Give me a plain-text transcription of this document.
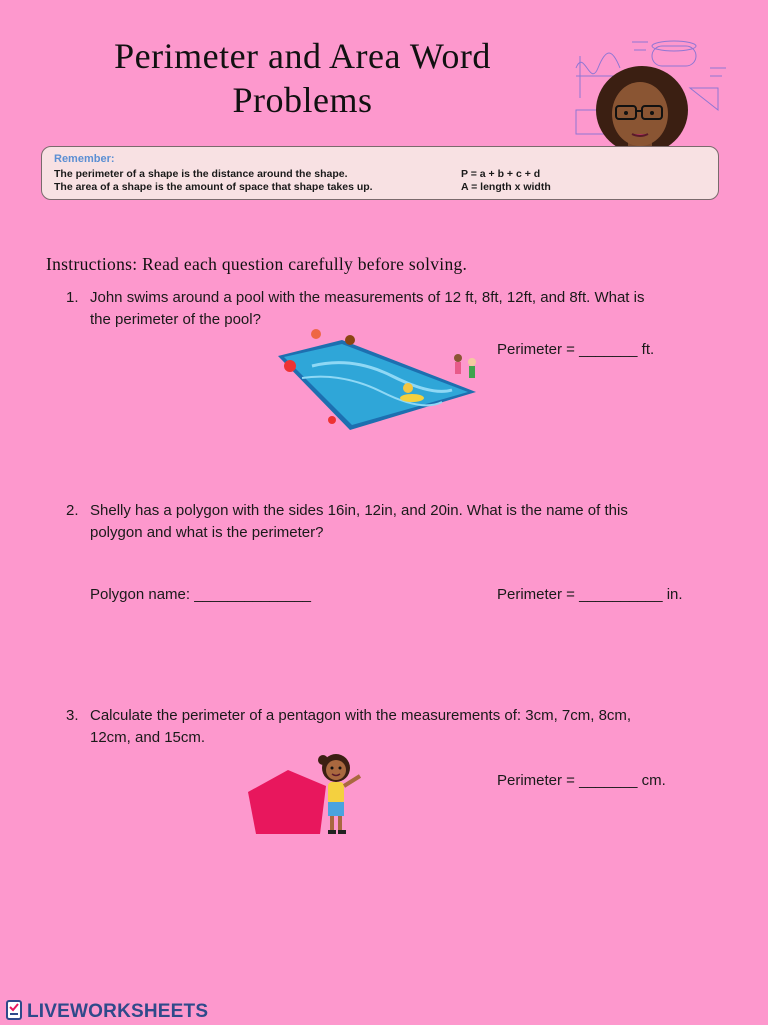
Perimeter and Area Word
Problems
Remember:
The perimeter of a shape is the distance around the shape.
The area of a shape is the amount of space that shape takes up.
P = a + b + c + d
A = length x width
Instructions: Read each question carefully before solving.
1. John swims around a pool with the measurements of 12 ft, 8ft, 12ft, and 8ft. What is
the perimeter of the pool?
Perimeter = _______ ft.
2. Shelly has a polygon with the sides 16in, 12in, and 20in. What is the name of this
polygon and what is the perimeter?
Polygon name: ______________	Perimeter = __________ in.
3. Calculate the perimeter of a pentagon with the measurements of: 3cm, 7cm, 8cm,
12cm, and 15cm.
Perimeter = _______ cm.
LIVEWORKSHEETS
